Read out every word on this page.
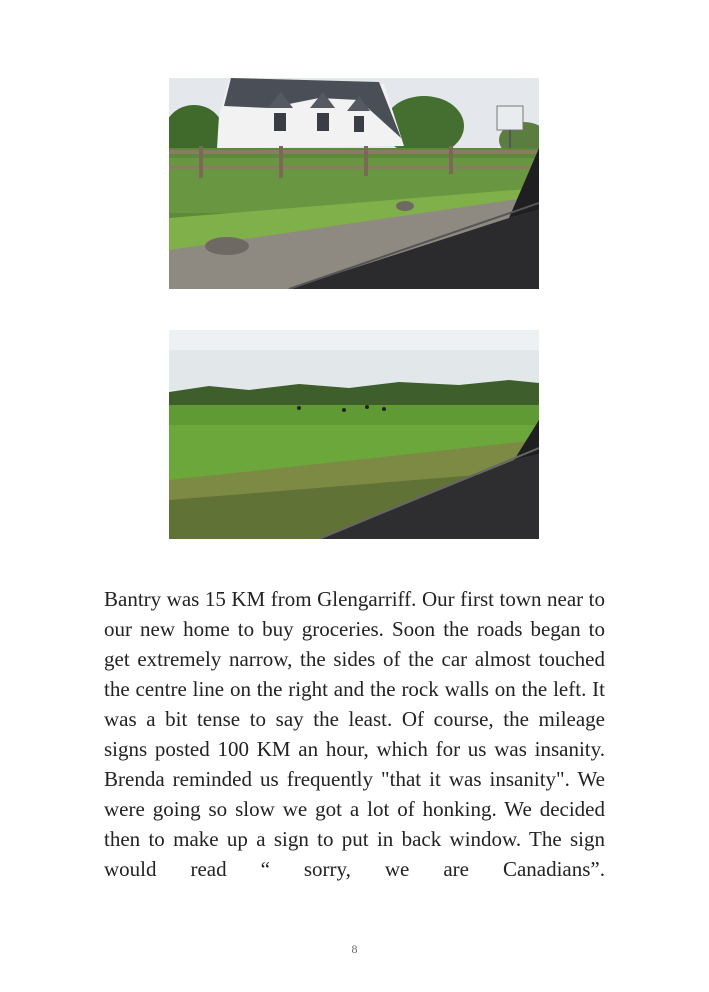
Bantry was 15 KM from Glengarriff. Our first town near to our new home to buy groceries. Soon the roads began to get extremely narrow, the sides of the car almost touched the centre line on the right and the rock walls on the left. It was a bit tense to say the least. Of course, the mileage signs posted 100 KM an hour, which for us was insanity. Brenda reminded us frequently "that it was insanity". We were going so slow we got a lot of honking. We decided then to make up a sign to put in back window. The sign would read “ sorry, we are Canadians”.

8
